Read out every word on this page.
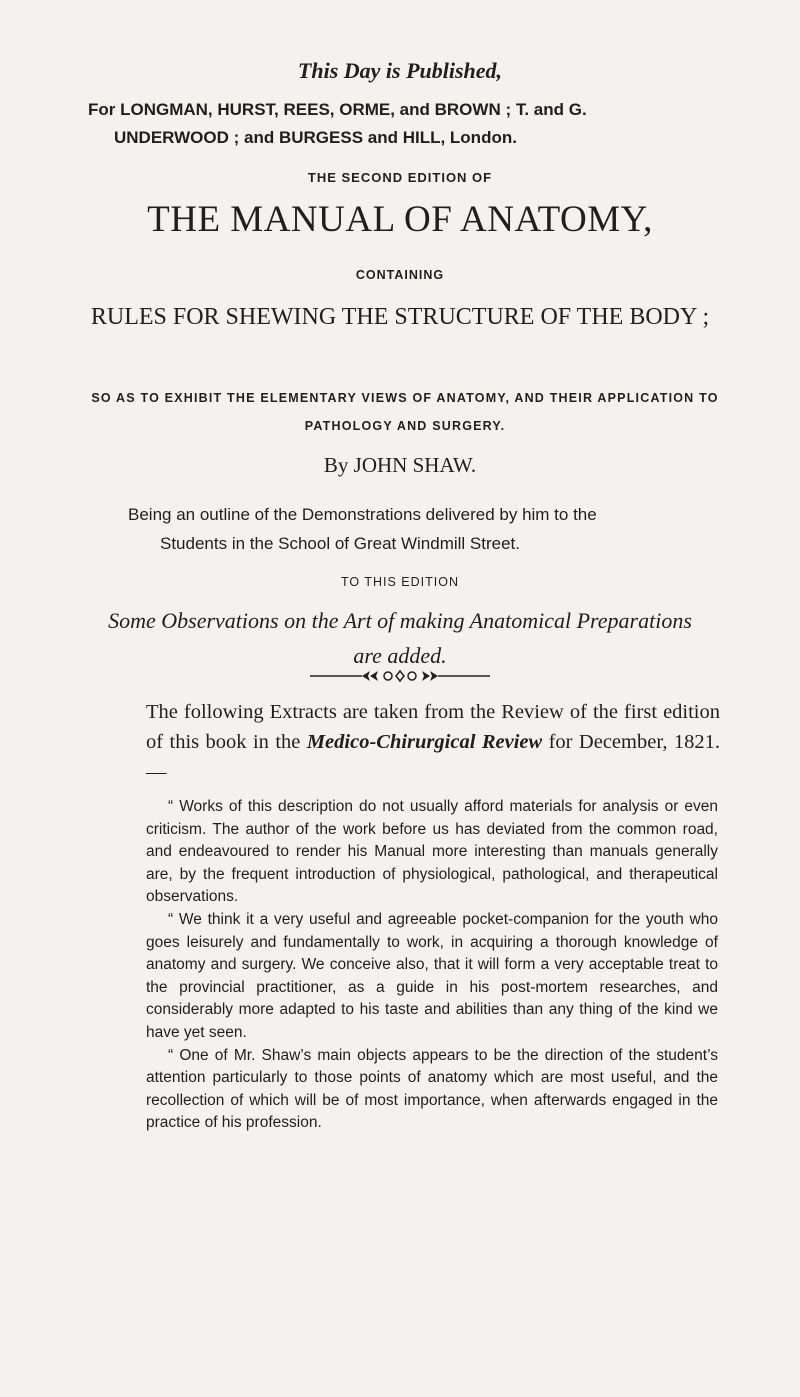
This Day is Published,
For LONGMAN, HURST, REES, ORME, and BROWN ; T. and G.
UNDERWOOD ; and BURGESS and HILL, London.
THE SECOND EDITION OF
THE MANUAL OF ANATOMY,
CONTAINING
RULES FOR SHEWING THE STRUCTURE OF THE BODY ;
SO AS TO EXHIBIT THE ELEMENTARY VIEWS OF ANATOMY, AND THEIR APPLICATION TO PATHOLOGY AND SURGERY.
By JOHN SHAW.
Being an outline of the Demonstrations delivered by him to the
Students in the School of Great Windmill Street.
TO THIS EDITION
Some Observations on the Art of making Anatomical Preparations are added.
The following Extracts are taken from the Review of the first edition of this book in the Medico-Chirurgical Review for December, 1821.—

“ Works of this description do not usually afford materials for analysis or even criticism. The author of the work before us has deviated from the common road, and endeavoured to render his Manual more interesting than manuals generally are, by the frequent introduction of physiological, pathological, and therapeutical observations.

“ We think it a very useful and agreeable pocket-companion for the youth who goes leisurely and fundamentally to work, in acquiring a thorough knowledge of anatomy and surgery. We conceive also, that it will form a very acceptable treat to the provincial practitioner, as a guide in his post-mortem researches, and considerably more adapted to his taste and abilities than any thing of the kind we have yet seen.

“ One of Mr. Shaw’s main objects appears to be the direction of the student’s attention particularly to those points of anatomy which are most useful, and the recollection of which will be of most importance, when afterwards engaged in the practice of his profession.
